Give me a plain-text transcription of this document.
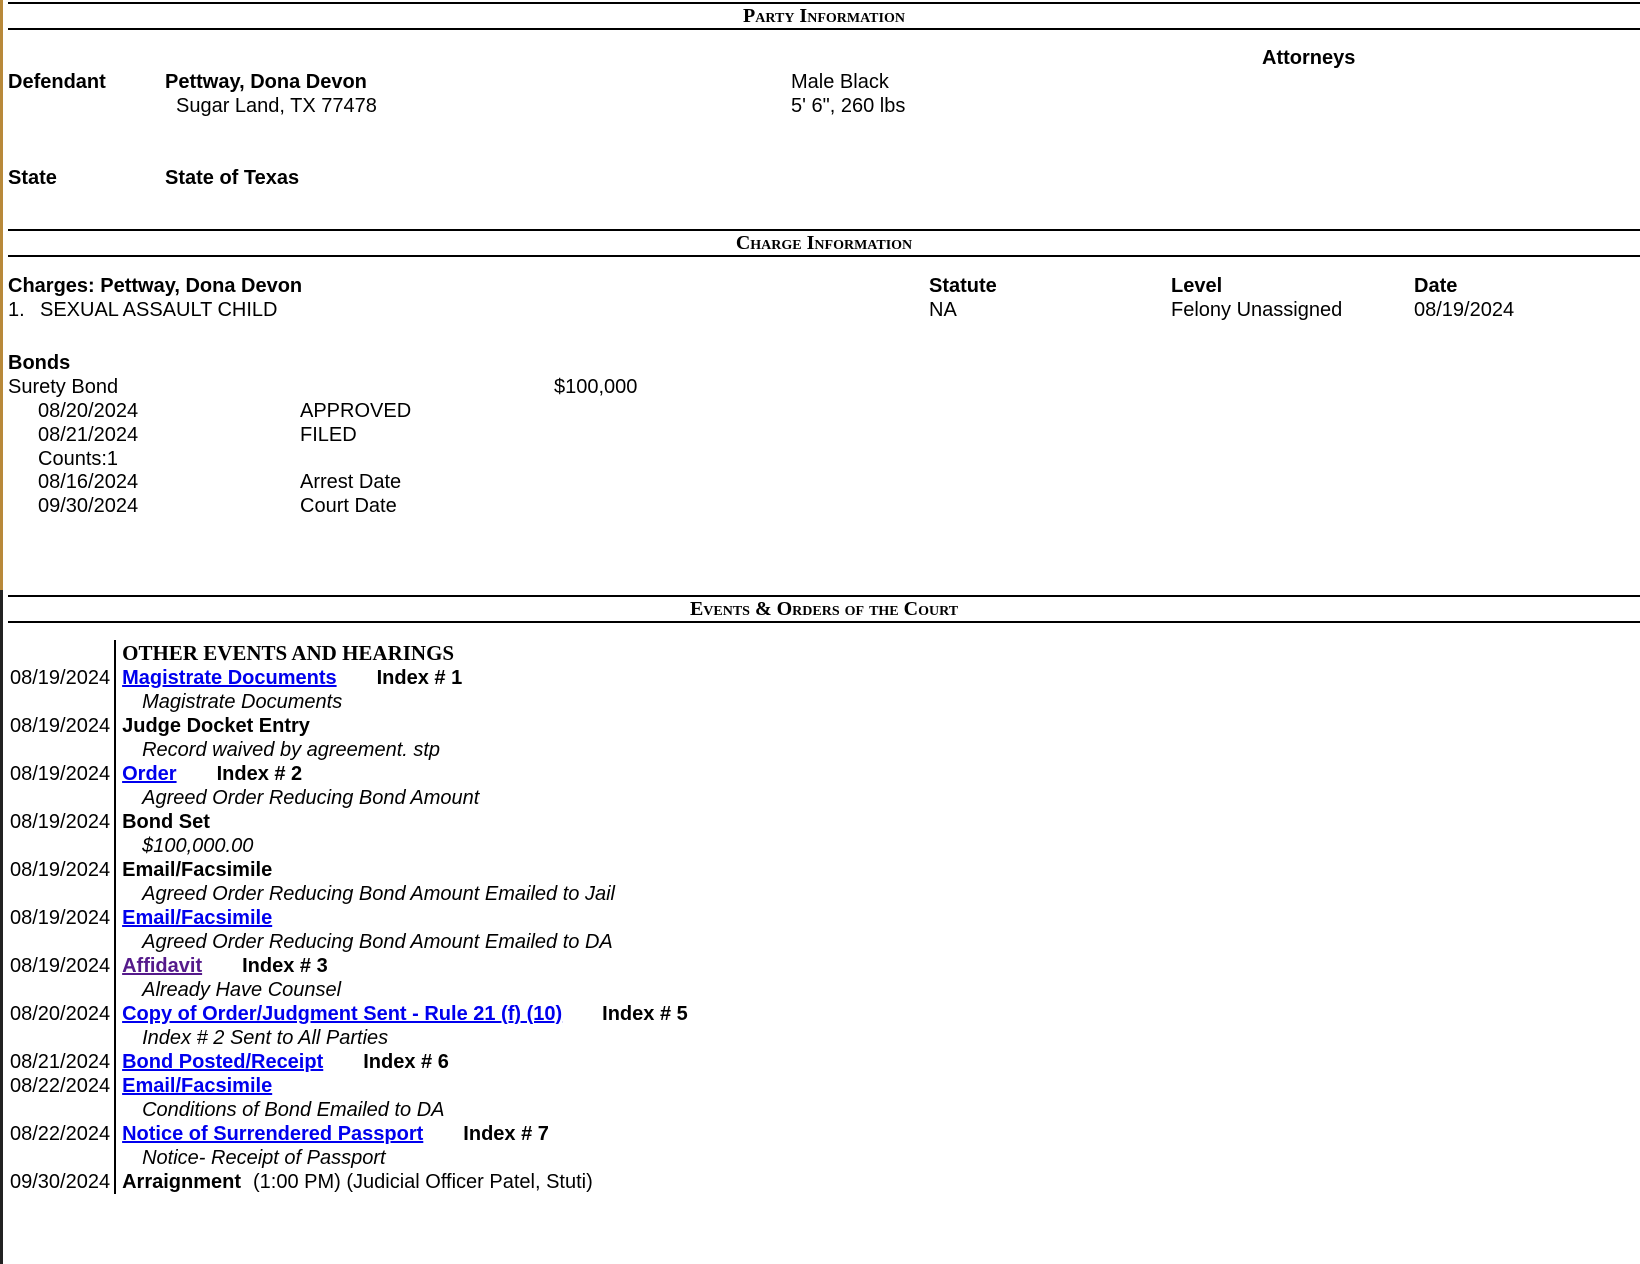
Party Information
Attorneys
Defendant	Pettway, Dona Devon
Sugar Land, TX 77478
Male Black
5' 6", 260 lbs
State	State of Texas
Charge Information
Charges: Pettway, Dona Devon	Statute	Level	Date
1. SEXUAL ASSAULT CHILD	NA	Felony Unassigned	08/19/2024
Bonds
Surety Bond	$100,000
08/20/2024	APPROVED
08/21/2024	FILED
Counts:1
08/16/2024	Arrest Date
09/30/2024	Court Date
Events & Orders of the Court
	OTHER EVENTS AND HEARINGS
08/19/2024	Magistrate Documents Index # 1
Magistrate Documents

08/19/2024	Judge Docket Entry
Record waived by agreement. stp

08/19/2024	Order Index # 2
Agreed Order Reducing Bond Amount

08/19/2024	Bond Set
$100,000.00

08/19/2024	Email/Facsimile
Agreed Order Reducing Bond Amount Emailed to Jail

08/19/2024	Email/Facsimile
Agreed Order Reducing Bond Amount Emailed to DA

08/19/2024	Affidavit Index # 3
Already Have Counsel

08/20/2024	Copy of Order/Judgment Sent - Rule 21 (f) (10) Index # 5
Index # 2 Sent to All Parties

08/21/2024	Bond Posted/Receipt Index # 6

08/22/2024	Email/Facsimile
Conditions of Bond Emailed to DA

08/22/2024	Notice of Surrendered Passport Index # 7
Notice- Receipt of Passport

09/30/2024	Arraignment (1:00 PM) (Judicial Officer Patel, Stuti)
